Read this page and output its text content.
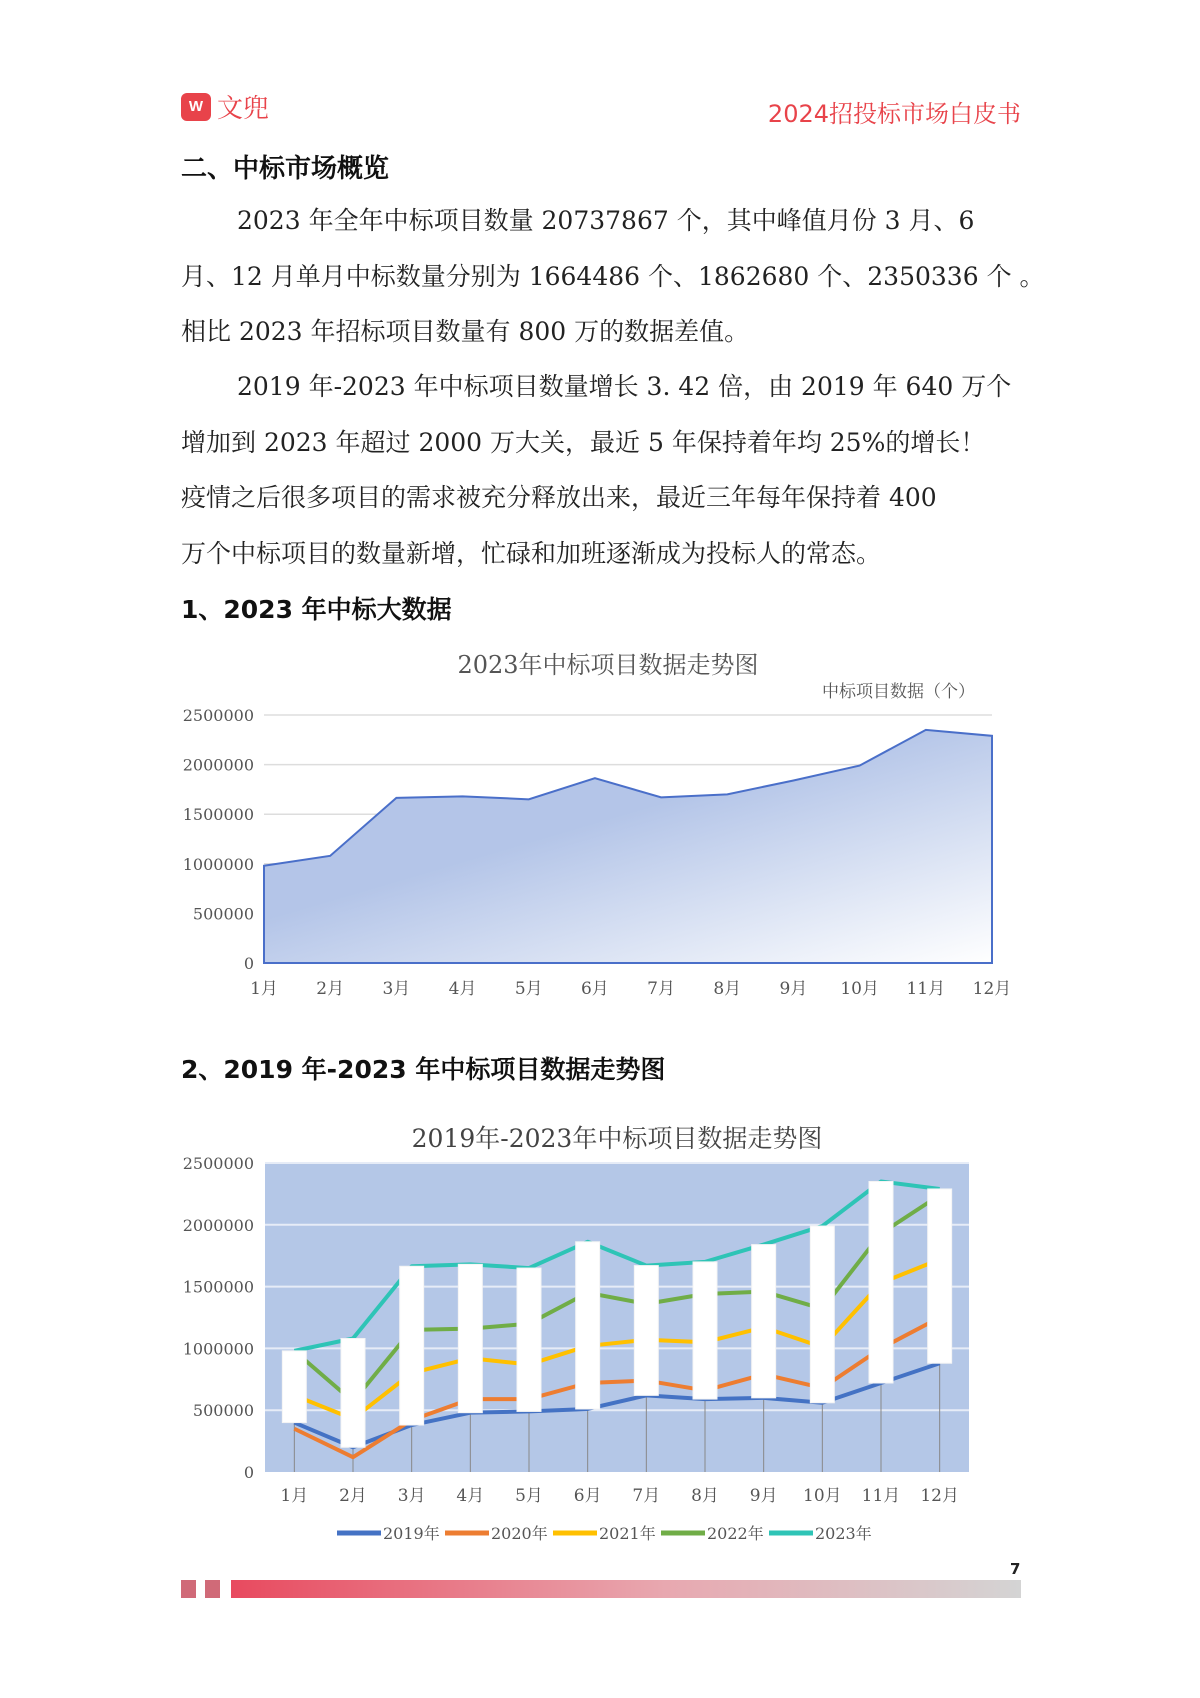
W 文兜	2024招投标市场白皮书
二、中标市场概览
2023 年全年中标项目数量 20737867 个，其中峰值月份 3 月、6
月、12 月单月中标数量分别为 1664486 个、1862680 个、2350336 个 。
相比 2023 年招标项目数量有 800 万的数据差值。
2019 年-2023 年中标项目数量增长 3. 42 倍，由 2019 年 640 万个
增加到 2023 年超过 2000 万大关，最近 5 年保持着年均 25%的增长！
疫情之后很多项目的需求被充分释放出来，最近三年每年保持着 400
万个中标项目的数量新增，忙碌和加班逐渐成为投标人的常态。
1、2023 年中标大数据
2023年中标项目数据走势图
中标项目数据（个）
0
500000
1000000
1500000
2000000
2500000
1月 2月 3月 4月 5月 6月 7月 8月 9月 10月 11月 12月
2、2019 年-2023 年中标项目数据走势图
2019年-2023年中标项目数据走势图
0
500000
1000000
1500000
2000000
2500000
1月 2月 3月 4月 5月 6月 7月 8月 9月 10月 11月 12月
2019年	2020年	2021年	2022年	2023年
7
